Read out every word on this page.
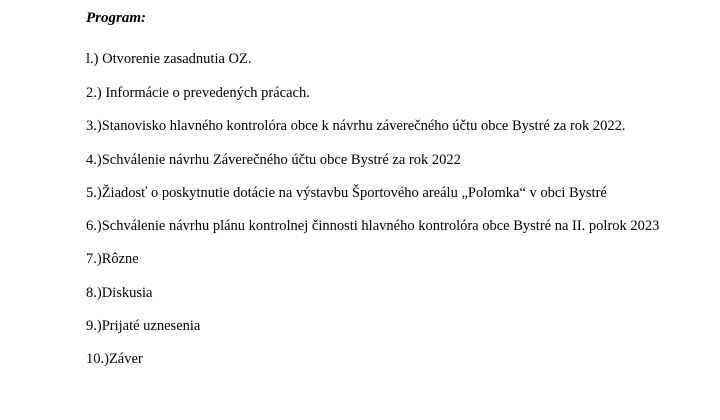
Program:
l.) Otvorenie zasadnutia OZ.
2.) Informácie o prevedených prácach.
3.)Stanovisko hlavného kontrolóra obce k návrhu záverečného účtu obce Bystré za rok 2022.
4.)Schválenie návrhu Záverečného účtu obce Bystré za rok 2022
5.)Žiadosť o poskytnutie dotácie na výstavbu Športového areálu „Polomka“ v obci Bystré
6.)Schválenie návrhu plánu kontrolnej činnosti hlavného kontrolóra obce Bystré na II. polrok 2023
7.)Rôzne
8.)Diskusia
9.)Prijaté uznesenia
10.)Záver
